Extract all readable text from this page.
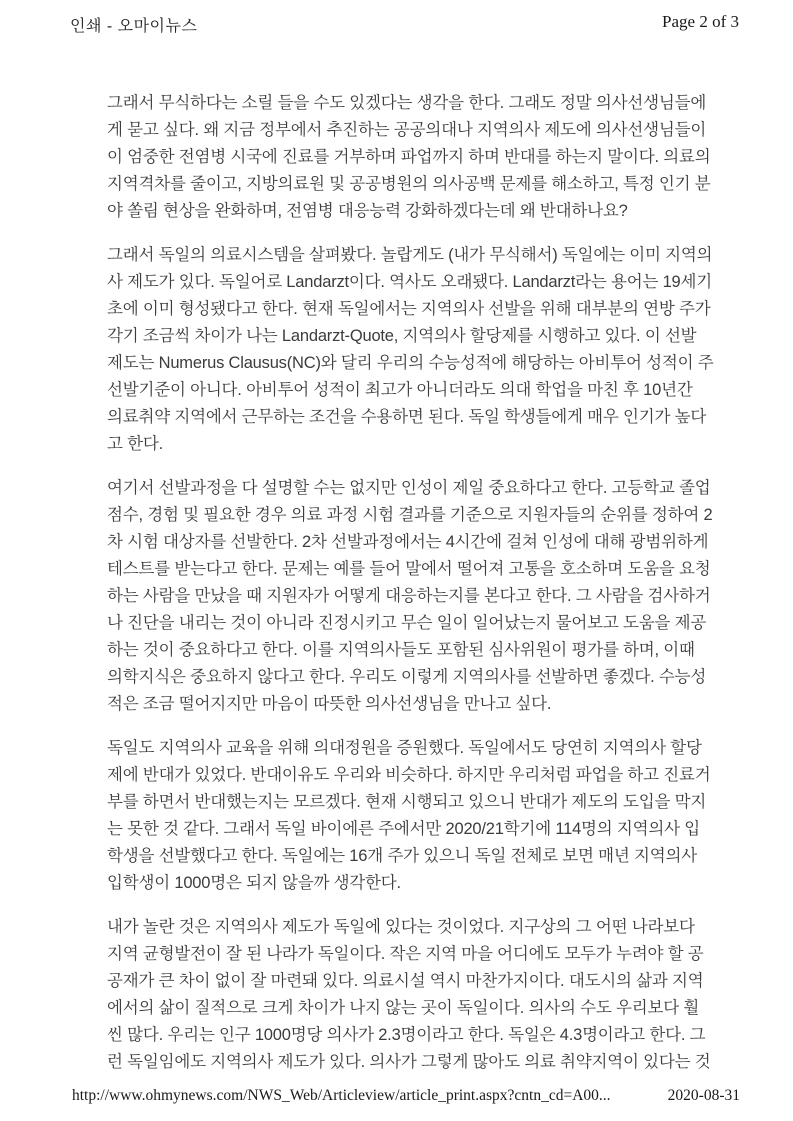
인쇄 - 오마이뉴스	Page 2 of 3
그래서 무식하다는 소릴 들을 수도 있겠다는 생각을 한다. 그래도 정말 의사선생님들에
게 묻고 싶다. 왜 지금 정부에서 추진하는 공공의대나 지역의사 제도에 의사선생님들이
이 엄중한 전염병 시국에 진료를 거부하며 파업까지 하며 반대를 하는지 말이다. 의료의
지역격차를 줄이고, 지방의료원 및 공공병원의 의사공백 문제를 해소하고, 특정 인기 분
야 쏠림 현상을 완화하며, 전염병 대응능력 강화하겠다는데 왜 반대하나요?
그래서 독일의 의료시스템을 살펴봤다. 놀랍게도 (내가 무식해서) 독일에는 이미 지역의
사 제도가 있다. 독일어로 Landarzt이다. 역사도 오래됐다. Landarzt라는 용어는 19세기
초에 이미 형성됐다고 한다. 현재 독일에서는 지역의사 선발을 위해 대부분의 연방 주가
각기 조금씩 차이가 나는 Landarzt-Quote, 지역의사 할당제를 시행하고 있다. 이 선발
제도는 Numerus Clausus(NC)와 달리 우리의 수능성적에 해당하는 아비투어 성적이 주
선발기준이 아니다. 아비투어 성적이 최고가 아니더라도 의대 학업을 마친 후 10년간
의료취약 지역에서 근무하는 조건을 수용하면 된다. 독일 학생들에게 매우 인기가 높다
고 한다.
여기서 선발과정을 다 설명할 수는 없지만 인성이 제일 중요하다고 한다. 고등학교 졸업
점수, 경험 및 필요한 경우 의료 과정 시험 결과를 기준으로 지원자들의 순위를 정하여 2
차 시험 대상자를 선발한다. 2차 선발과정에서는 4시간에 걸쳐 인성에 대해 광범위하게
테스트를 받는다고 한다. 문제는 예를 들어 말에서 떨어져 고통을 호소하며 도움을 요청
하는 사람을 만났을 때 지원자가 어떻게 대응하는지를 본다고 한다. 그 사람을 검사하거
나 진단을 내리는 것이 아니라 진정시키고 무슨 일이 일어났는지 물어보고 도움을 제공
하는 것이 중요하다고 한다. 이를 지역의사들도 포함된 심사위원이 평가를 하며, 이때
의학지식은 중요하지 않다고 한다. 우리도 이렇게 지역의사를 선발하면 좋겠다. 수능성
적은 조금 떨어지지만 마음이 따뜻한 의사선생님을 만나고 싶다.
독일도 지역의사 교육을 위해 의대정원을 증원했다. 독일에서도 당연히 지역의사 할당
제에 반대가 있었다. 반대이유도 우리와 비슷하다. 하지만 우리처럼 파업을 하고 진료거
부를 하면서 반대했는지는 모르겠다. 현재 시행되고 있으니 반대가 제도의 도입을 막지
는 못한 것 같다. 그래서 독일 바이에른 주에서만 2020/21학기에 114명의 지역의사 입
학생을 선발했다고 한다. 독일에는 16개 주가 있으니 독일 전체로 보면 매년 지역의사
입학생이 1000명은 되지 않을까 생각한다.
내가 놀란 것은 지역의사 제도가 독일에 있다는 것이었다. 지구상의 그 어떤 나라보다
지역 균형발전이 잘 된 나라가 독일이다. 작은 지역 마을 어디에도 모두가 누려야 할 공
공재가 큰 차이 없이 잘 마련돼 있다. 의료시설 역시 마찬가지이다. 대도시의 삶과 지역
에서의 삶이 질적으로 크게 차이가 나지 않는 곳이 독일이다. 의사의 수도 우리보다 훨
씬 많다. 우리는 인구 1000명당 의사가 2.3명이라고 한다. 독일은 4.3명이라고 한다. 그
런 독일임에도 지역의사 제도가 있다. 의사가 그렇게 많아도 의료 취약지역이 있다는 것
http://www.ohmynews.com/NWS_Web/Articleview/article_print.aspx?cntn_cd=A00...	2020-08-31
